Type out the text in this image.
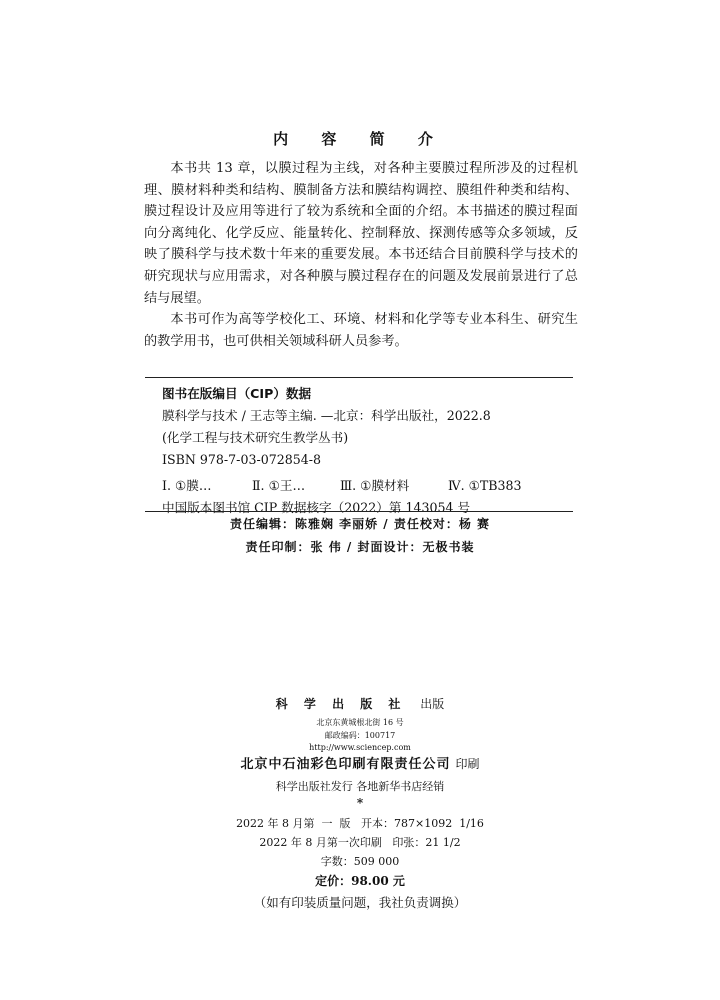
内 容 简 介

本书共 13 章，以膜过程为主线，对各种主要膜过程所涉及的过程机理、膜材料种类和结构、膜制备方法和膜结构调控、膜组件种类和结构、膜过程设计及应用等进行了较为系统和全面的介绍。本书描述的膜过程面向分离纯化、化学反应、能量转化、控制释放、探测传感等众多领域，反映了膜科学与技术数十年来的重要发展。本书还结合目前膜科学与技术的研究现状与应用需求，对各种膜与膜过程存在的问题及发展前景进行了总结与展望。

本书可作为高等学校化工、环境、材料和化学等专业本科生、研究生的教学用书，也可供相关领域科研人员参考。

图书在版编目（CIP）数据
膜科学与技术 / 王志等主编. —北京：科学出版社，2022.8
(化学工程与技术研究生教学丛书)
ISBN 978-7-03-072854-8
Ⅰ. ①膜…	Ⅱ. ①王…	Ⅲ. ①膜材料	Ⅳ. ①TB383
中国版本图书馆 CIP 数据核字（2022）第 143054 号
责任编辑：陈雅娴 李丽娇 / 责任校对：杨 赛
责任印制：张 伟 / 封面设计：无极书装
科 学 出 版 社 出版
北京东黄城根北街 16 号
邮政编码：100717
http://www.sciencep.com
北京中石油彩色印刷有限责任公司 印刷
科学出版社发行 各地新华书店经销
*
2022 年 8 月第  一  版   开本：787×1092  1/16
2022 年 8 月第一次印刷   印张：21 1/2
字数：509 000
定价：98.00 元
（如有印装质量问题，我社负责调换）
